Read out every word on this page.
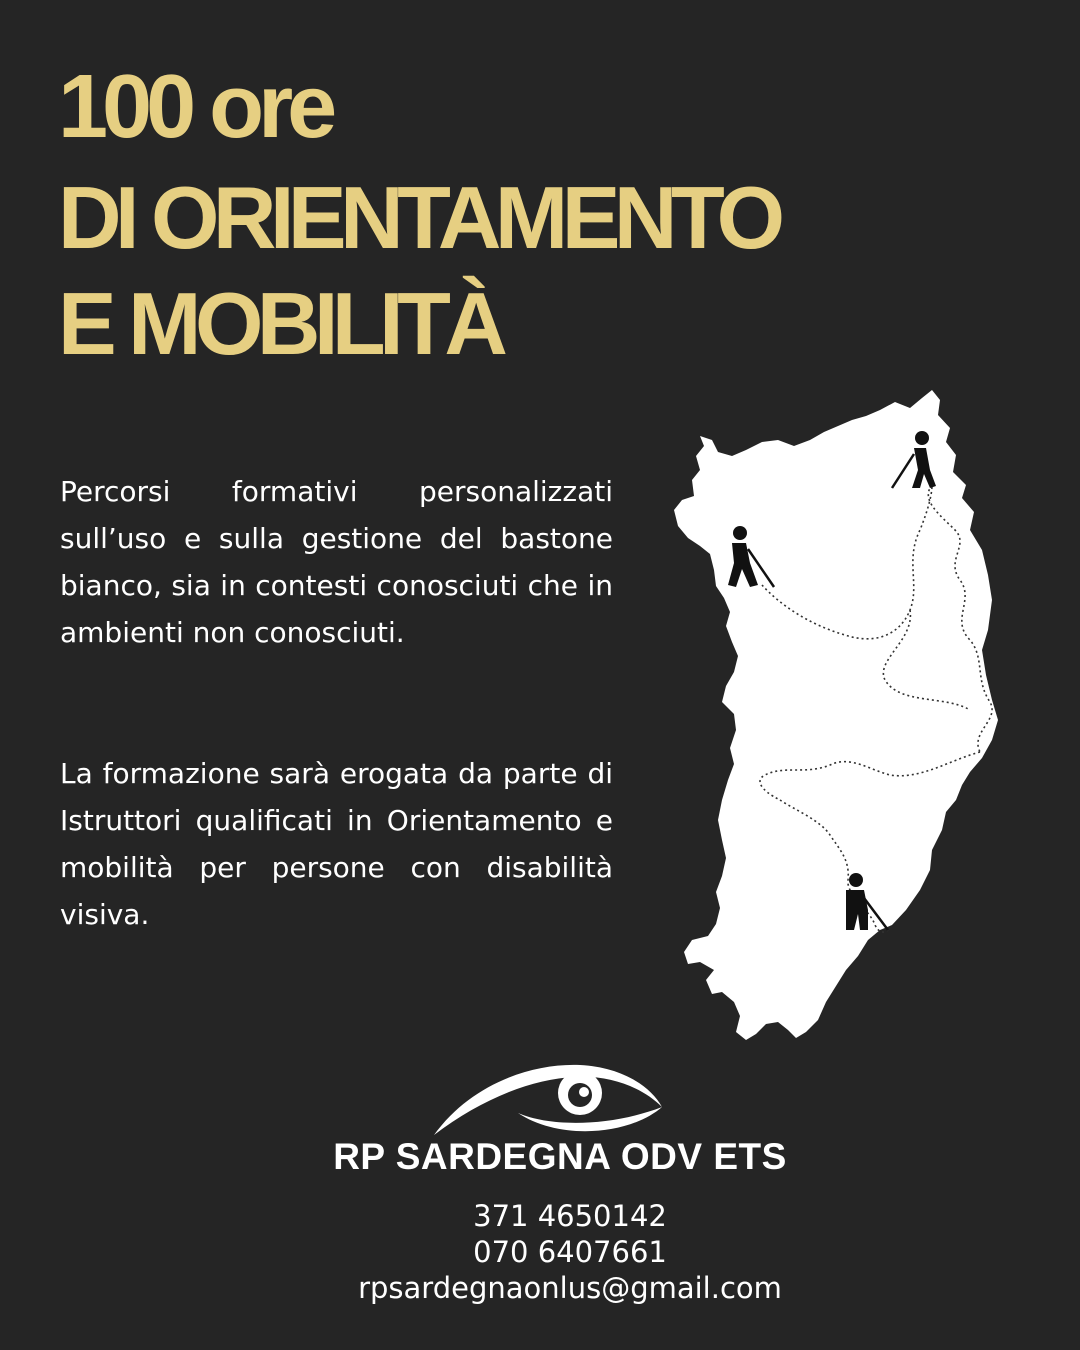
100 ore
DI ORIENTAMENTO
E MOBILITÀ

Percorsi formativi personalizzati sull’uso e sulla gestione del bastone bianco, sia in contesti conosciuti che in ambienti non conosciuti.

La formazione sarà erogata da parte di Istruttori qualificati in Orientamento e mobilità per persone con disabilità visiva.

RP SARDEGNA ODV ETS

371 4650142
070 6407661
rpsardegnaonlus@gmail.com
